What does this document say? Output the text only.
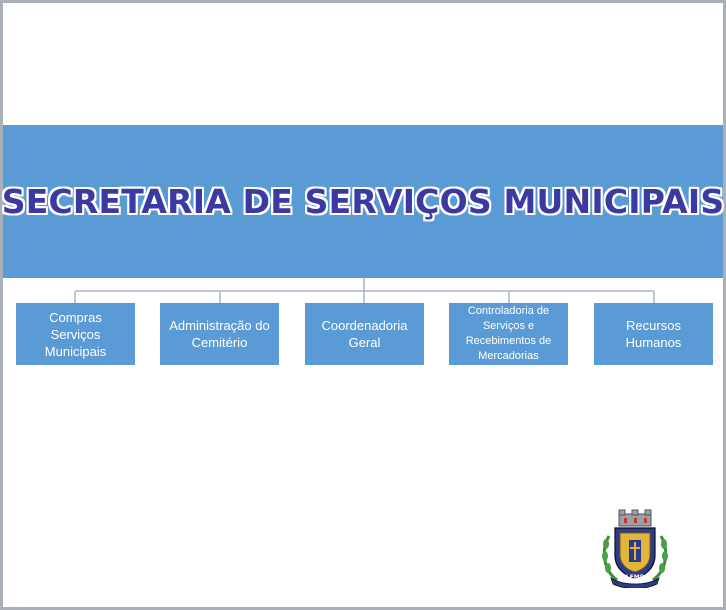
SECRETARIA DE SERVIÇOS MUNICIPAIS
Compras
Serviços
Municipais
Administração do
Cemitério
Coordenadoria
Geral
Controladoria de
Serviços e
Recebimentos de
Mercadorias
Recursos
Humanos
LEMP
